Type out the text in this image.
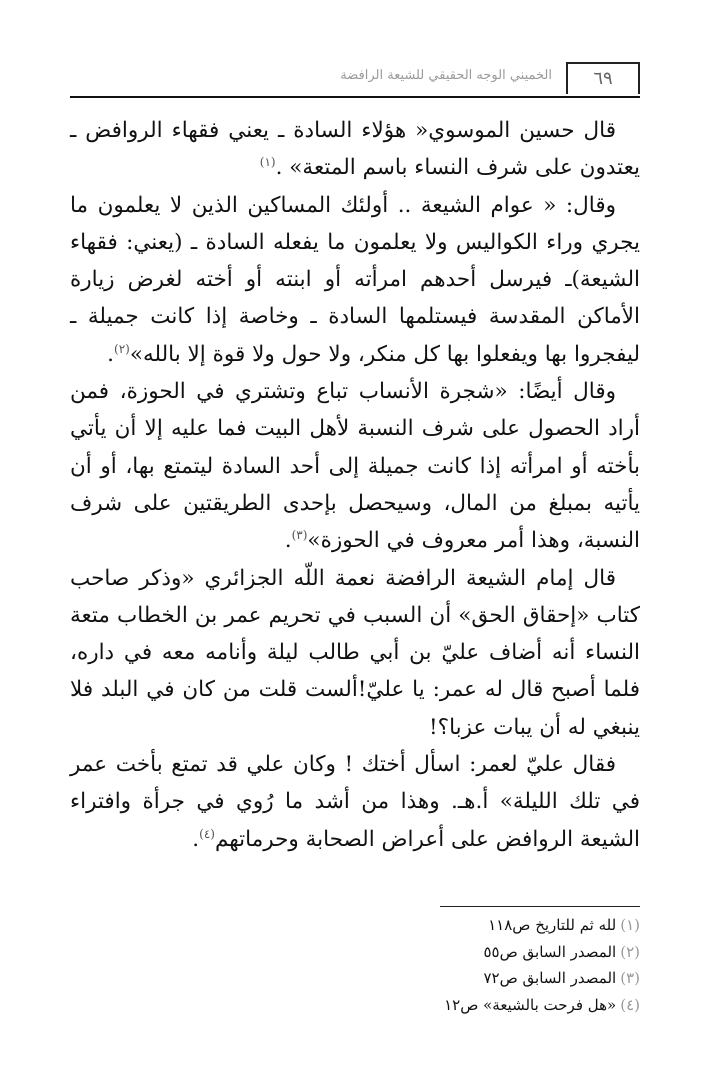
٦٩
الخميني الوجه الحقيقي للشيعة الرافضة

قال حسين الموسوي« هؤلاء السادة ـ يعني فقهاء الروافض ـ يعتدون على شرف النساء باسم المتعة» .$^{(١)}$

وقال: « عوام الشيعة .. أولئك المساكين الذين لا يعلمون ما يجري وراء الكواليس ولا يعلمون ما يفعله السادة ـ (يعني: فقهاء الشيعة)ـ فيرسل أحدهم امرأته أو ابنته أو أخته لغرض زيارة الأماكن المقدسة فيستلمها السادة ـ وخاصة إذا كانت جميلة ـ ليفجروا بها ويفعلوا بها كل منكر، ولا حول ولا قوة إلا بالله»$^{(٢)}$.

وقال أيضًا: «شجرة الأنساب تباع وتشتري في الحوزة، فمن أراد الحصول على شرف النسبة لأهل البيت فما عليه إلا أن يأتي بأخته أو امرأته إذا كانت جميلة إلى أحد السادة ليتمتع بها، أو أن يأتيه بمبلغ من المال، وسيحصل بإحدى الطريقتين على شرف النسبة، وهذا أمر معروف في الحوزة»$^{(٣)}$.

قال إمام الشيعة الرافضة نعمة اللّه الجزائري «وذكر صاحب كتاب «إحقاق الحق» أن السبب في تحريم عمر بن الخطاب متعة النساء أنه أضاف عليّ بن أبي طالب ليلة وأنامه معه في داره، فلما أصبح قال له عمر: يا عليّ!ألست قلت من كان في البلد فلا ينبغي له أن يبات عزبا؟!

فقال عليّ لعمر: اسأل أختك ! وكان علي قد تمتع بأخت عمر في تلك الليلة» أ.هـ. وهذا من أشد ما رُوي في جرأة وافتراء الشيعة الروافض على أعراض الصحابة وحرماتهم$^{(٤)}$.

(١)لله ثم للتاريخ ص١١٨
(٢)المصدر السابق ص٥٥
(٣)المصدر السابق ص٧٢
(٤)«هل فرحت بالشيعة» ص١٢
